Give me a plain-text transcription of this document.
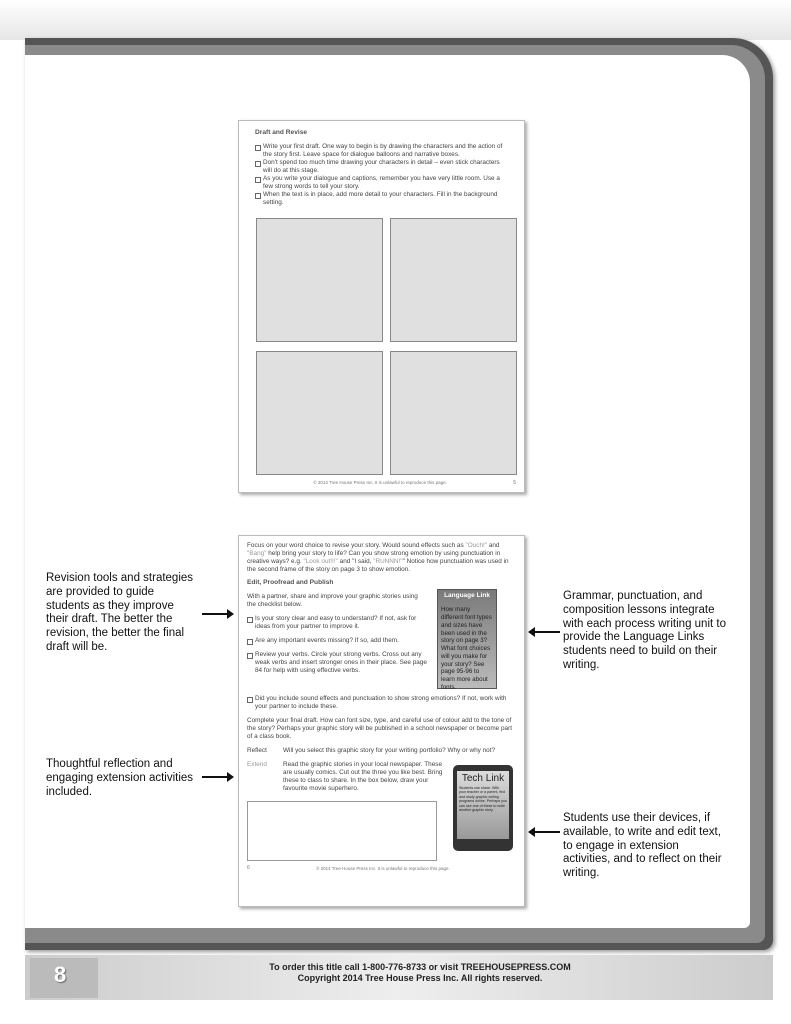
Draft and Revise
Write your first draft. One way to begin is by drawing the characters and the action of the story first. Leave space for dialogue balloons and narrative boxes.
Don't spend too much time drawing your characters in detail – even stick characters will do at this stage.
As you write your dialogue and captions, remember you have very little room. Use a few strong words to tell your story.
When the text is in place, add more detail to your characters. Fill in the background setting.
© 2014 Tree House Press Inc. It is unlawful to reproduce this page.	5

Focus on your word choice to revise your story. Would sound effects such as "Ouch!" and "Bang" help bring your story to life? Can you show strong emotion by using punctuation in creative ways? e.g. "Look out!!!" and "I said, "RUNNN!"" Notice how punctuation was used in the second frame of the story on page 3 to show emotion.

Edit, Proofread and Publish

With a partner, share and improve your graphic stories using the checklist below.

Is your story clear and easy to understand? If not, ask for ideas from your partner to improve it.
Are any important events missing? If so, add them.
Review your verbs. Circle your strong verbs. Cross out any weak verbs and insert stronger ones in their place. See page 84 for help with using effective verbs.
Language Link
How many different font types and sizes have been used in the story on page 3? What font choices will you make for your story? See page 95-96 to learn more about fonts.
Did you include sound effects and punctuation to show strong emotions? If not, work with your partner to include these.

Complete your final draft. How can font size, type, and careful use of colour add to the tone of the story? Perhaps your graphic story will be published in a school newspaper or become part of a class book.

Reflect	Will you select this graphic story for your writing portfolio? Why or why not?
Extend	Read the graphic stories in your local newspaper. These are usually comics. Cut out the three you like best. Bring these to class to share. In the box below, draw your favourite movie superhero.
Tech Link
Students can share. With your teacher or a parent, find and study graphic writing programs online. Perhaps you can use one of these to write another graphic story.
6	© 2014 Tree House Press Inc. It is unlawful to reproduce this page.
Revision tools and strategies are provided to guide students as they improve their draft. The better the revision, the better the final draft will be.
Thoughtful reflection and engaging extension activities included.
Grammar, punctuation, and composition lessons integrate with each process writing unit to provide the Language Links students need to build on their writing.
Students use their devices, if available, to write and edit text, to engage in extension activities, and to reflect on their writing.
8	To order this title call 1-800-776-8733 or visit TREEHOUSEPRESS.COM
Copyright 2014 Tree House Press Inc. All rights reserved.
